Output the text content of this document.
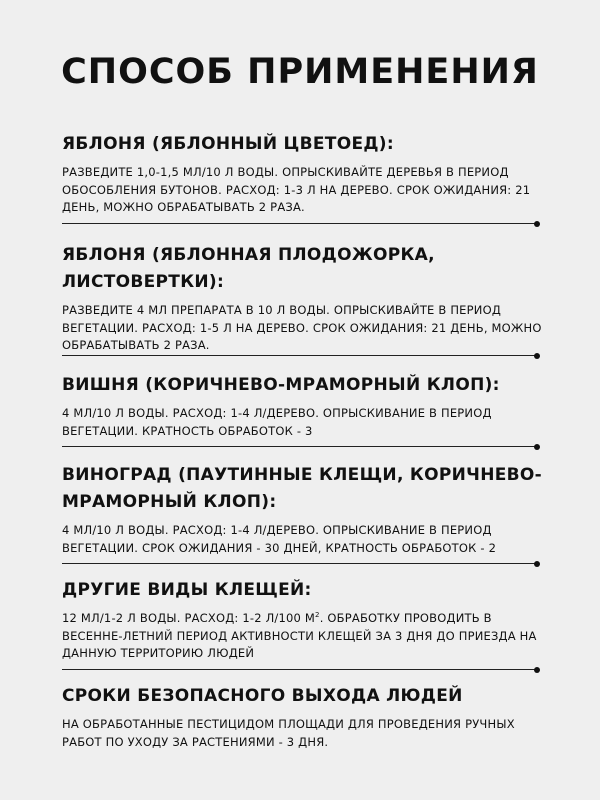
СПОСОБ ПРИМЕНЕНИЯ
ЯБЛОНЯ (ЯБЛОННЫЙ ЦВЕТОЕД):

РАЗВЕДИТЕ 1,0-1,5 МЛ/10 Л ВОДЫ. ОПРЫСКИВАЙТЕ ДЕРЕВЬЯ В ПЕРИОД ОБОСОБЛЕНИЯ БУТОНОВ. РАСХОД: 1-3 Л НА ДЕРЕВО. СРОК ОЖИДАНИЯ: 21 ДЕНЬ, МОЖНО ОБРАБАТЫВАТЬ 2 РАЗА.

ЯБЛОНЯ (ЯБЛОННАЯ ПЛОДОЖОРКА, ЛИСТОВЕРТКИ):

РАЗВЕДИТЕ 4 МЛ ПРЕПАРАТА В 10 Л ВОДЫ. ОПРЫСКИВАЙТЕ В ПЕРИОД ВЕГЕТАЦИИ. РАСХОД: 1-5 Л НА ДЕРЕВО. СРОК ОЖИДАНИЯ: 21 ДЕНЬ, МОЖНО ОБРАБАТЫВАТЬ 2 РАЗА.

ВИШНЯ (КОРИЧНЕВО-МРАМОРНЫЙ КЛОП):

4 МЛ/10 Л ВОДЫ. РАСХОД: 1-4 Л/ДЕРЕВО. ОПРЫСКИВАНИЕ В ПЕРИОД ВЕГЕТАЦИИ. КРАТНОСТЬ ОБРАБОТОК - 3

ВИНОГРАД (ПАУТИННЫЕ КЛЕЩИ, КОРИЧНЕВО-МРАМОРНЫЙ КЛОП):

4 МЛ/10 Л ВОДЫ. РАСХОД: 1-4 Л/ДЕРЕВО. ОПРЫСКИВАНИЕ В ПЕРИОД ВЕГЕТАЦИИ. СРОК ОЖИДАНИЯ - 30 ДНЕЙ, КРАТНОСТЬ ОБРАБОТОК - 2

ДРУГИЕ ВИДЫ КЛЕЩЕЙ:

12 МЛ/1-2 Л ВОДЫ. РАСХОД: 1-2 Л/100 $М^2$. ОБРАБОТКУ ПРОВОДИТЬ В ВЕСЕННЕ-ЛЕТНИЙ ПЕРИОД АКТИВНОСТИ КЛЕЩЕЙ ЗА 3 ДНЯ ДО ПРИЕЗДА НА ДАННУЮ ТЕРРИТОРИЮ ЛЮДЕЙ

СРОКИ БЕЗОПАСНОГО ВЫХОДА ЛЮДЕЙ

НА ОБРАБОТАННЫЕ ПЕСТИЦИДОМ ПЛОЩАДИ ДЛЯ ПРОВЕДЕНИЯ РУЧНЫХ РАБОТ ПО УХОДУ ЗА РАСТЕНИЯМИ - 3 ДНЯ.
